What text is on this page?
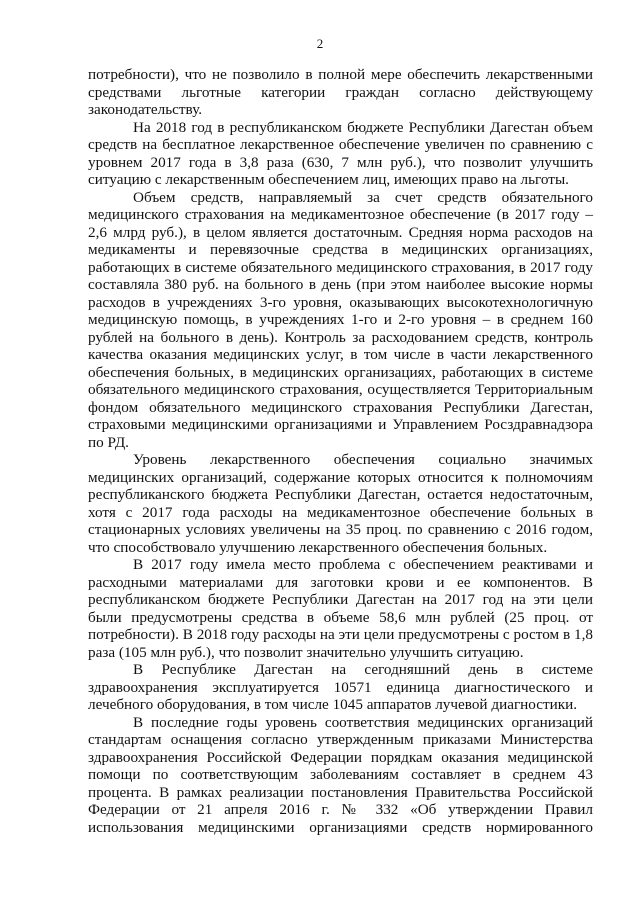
2

потребности), что не позволило в полной мере обеспечить лекарственными средствами льготные категории граждан согласно действующему законодательству.

На 2018 год в республиканском бюджете Республики Дагестан объем средств на бесплатное лекарственное обеспечение увеличен по сравнению с уровнем 2017 года в 3,8 раза (630, 7 млн руб.), что позволит улучшить ситуацию с лекарственным обеспечением лиц, имеющих право на льготы.

Объем средств, направляемый за счет средств обязательного медицинского страхования на медикаментозное обеспечение (в 2017 году – 2,6 млрд руб.), в целом является достаточным. Средняя норма расходов на медикаменты и перевязочные средства в медицинских организациях, работающих в системе обязательного медицинского страхования, в 2017 году составляла 380 руб. на больного в день (при этом наиболее высокие нормы расходов в учреждениях 3-го уровня, оказывающих высокотехнологичную медицинскую помощь, в учреждениях 1-го и 2-го уровня – в среднем 160 рублей на больного в день). Контроль за расходованием средств, контроль качества оказания медицинских услуг, в том числе в части лекарственного обеспечения больных, в медицинских организациях, работающих в системе обязательного медицинского страхования, осуществляется Территориальным фондом обязательного медицинского страхования Республики Дагестан, страховыми медицинскими организациями и Управлением Росздравнадзора по РД.

Уровень лекарственного обеспечения социально значимых медицинских организаций, содержание которых относится к полномочиям республиканского бюджета Республики Дагестан, остается недостаточным, хотя с 2017 года расходы на медикаментозное обеспечение больных в стационарных условиях увеличены на 35 проц. по сравнению с 2016 годом, что способствовало улучшению лекарственного обеспечения больных.

В 2017 году имела место проблема с обеспечением реактивами и расходными материалами для заготовки крови и ее компонентов. В республиканском бюджете Республики Дагестан на 2017 год на эти цели были предусмотрены средства в объеме 58,6 млн рублей (25 проц. от потребности). В 2018 году расходы на эти цели предусмотрены с ростом в 1,8 раза (105 млн руб.), что позволит значительно улучшить ситуацию.

В Республике Дагестан на сегодняшний день в системе здравоохранения эксплуатируется 10571 единица диагностического и лечебного оборудования, в том числе 1045 аппаратов лучевой диагностики.

В последние годы уровень соответствия медицинских организаций стандартам оснащения согласно утвержденным приказами Министерства здравоохранения Российской Федерации порядкам оказания медицинской помощи по соответствующим заболеваниям составляет в среднем 43 процента. В рамках реализации постановления Правительства Российской Федерации от 21 апреля 2016 г. № 332 «Об утверждении Правил использования медицинскими организациями средств нормированного
